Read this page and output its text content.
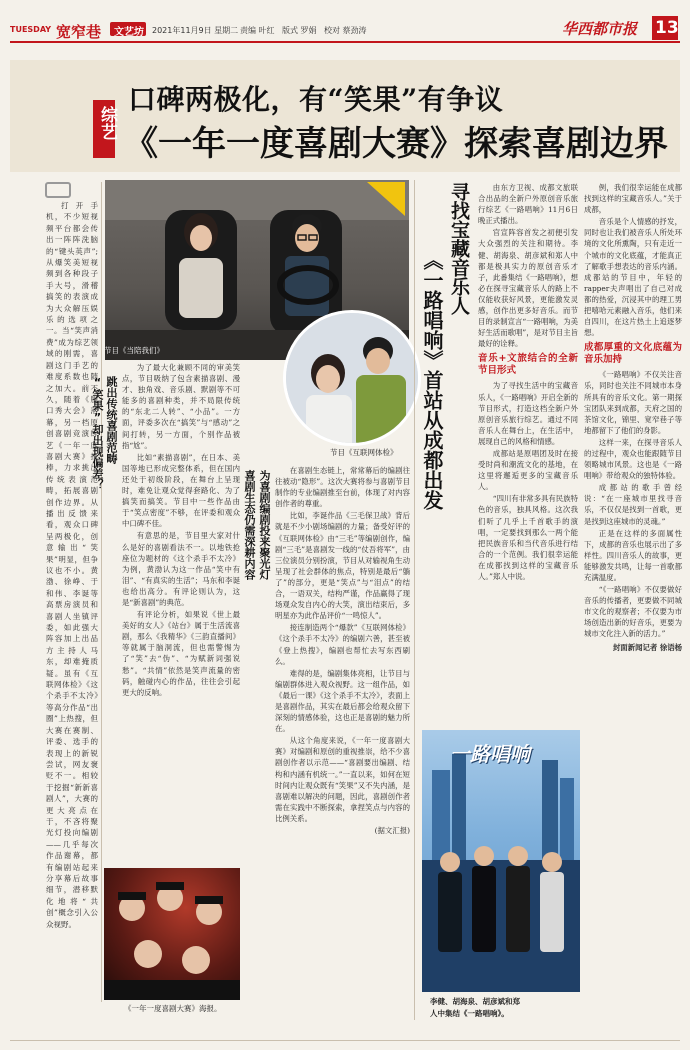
TUESDAY 宽窄巷 文艺坊 2021年11月9日 星期二 责编 叶红 版式 罗娟 校对 蔡劲涛	华西都市报 13
综艺
口碑两极化，有“笑果”有争议
《一年一度喜剧大赛》探索喜剧边界

打开手机，不少短视频平台都会传出一阵阵洗脑的“键头英声”;从爆笑美短视频到各种段子手大号，滑稽搞笑的表演成为大众解压娱乐的选项之一。当“笑声消费”成为综艺领域的刚需，喜剧这门手艺的难度系数也随之加大。前不久，随着《脱口秀大会》落幕，另一档原创喜剧竞演综艺《一年一度喜剧大赛》接棒，力求挑出传统表演范畴，拓展喜剧创作边界。从播出反馈来看，观众口碑呈两极化，创意输出“笑果”明显，但争议也不小。黄渤、徐峥、于和伟、李诞等高票房演员和喜剧人坐镇评委，如此强大阵容加上出品方主持人马东，却难掩质疑。虽有《互联网体检》《这个杀手不太冷》等高分作品“出圈”上热搜，但大赛在赛制、评委、选手的表现上的新锐尝试，网友褒贬不一。相较于挖掘“新新喜剧人”，大赛的更大亮点在于，不吝将聚光灯投向编剧——几乎每次作品谢幕，都有编剧站起来分享幕后故事细节，潜移默化地将“共创”概念引入公众视野。

节目《当陪我们》
节目《互联网体检》
跳出传统喜剧范畴
“笑果”却出现偏差？

为了最大化兼顾不同的审美笑点，节目吸纳了包含素描喜剧、漫才、独角戏、音乐剧、默剧等不可能多的喜剧种类，并不局限传统的“东北二人转”、“小品”。一方面，评委多次在“搞笑”与“感动”之间打转，另一方面，个别作品被指“尬”。

比如“素描喜剧”，在日本、美国等地已形成完整体系，但在国内还处于初级阶段，在舞台上呈现时，难免让观众觉得套路化、为了搞笑而搞笑。节目中一些作品由于“笑点密度”不够，在评委和观众中口碑不佳。

有意思的是，节目里大家对什么是好的喜剧看法不一。以地铁抢座位为题材的《这个杀手不太冷》为例，黄渤认为这一作品“笑中有泪”、“有真实的生活”；马东和李诞也给出高分。有评论则认为，这是“新喜剧”的典范。

有评论分析，如果说《世上最美好的女人》《站台》属于生活流喜剧，那么《我精华》《三韵直播间》等就属于脑洞流，但也需警惕为了“笑”去“伪”、“为赋新词强说愁”。“共情”依然是笑声流量的密码，触碰内心的作品，往往会引起更大的反响。

《一年一度喜剧大赛》海报。
为喜剧编剧投来聚光灯
喜剧生态仍需深耕内容	在喜剧生态链上，常常幕后的编剧往往被动“隐形”。这次大赛将参与喜剧节目制作的专业编剧推至台前，体现了对内容创作者的尊重。

比如，李诞作品《三毛保卫战》背后就是不少小剧场编剧的力量；备受好评的《互联网体检》由“三毛”等编剧创作，编剧“三毛”是喜剧发一线的“仗吾将军”，由三位演员分别扮演，节目从对输视角生动呈现了社会群体的焦点，特别是最后“躺了”的部分，更是“笑点”与“泪点”的结合，一语双关，结构严谨，作品赢得了现场观众发自内心的大笑，演出结束后，多明星亦为此作品评价“一鸣惊人”。

接连制造两个“爆款”《互联网体检》《这个杀手不太冷》的编剧六善，甚至被《登上热搜》，编剧也帮忙去写东西刷么。

难得的是，编剧集体亮相，让节目与编剧群体进入观众视野。这一组作品，如《最后一课》《这个杀手不太冷》，表面上是喜剧作品，其实在最后都会给观众留下深刻的情感体验，这也正是喜剧的魅力所在。

从这个角度来说，《一年一度喜剧大赛》对编剧和原创的重视推崇，给不少喜剧创作者以示范——“喜剧要出编剧、结构和内涵有机统一。”一直以来，如何在短时间内让观众既有“笑果”又不失内涵，是喜剧难以解决的问题，因此，喜剧创作者需在实践中不断探索，拿捏笑点与内容的比例关系。

(据文汇报)

寻找宝藏音乐人
《一路唱响》首站从成都出发

由东方卫视、成都文旅联合出品的全新户外原创音乐旅行综艺《一路唱响》11月6日晚正式播出。

官宣阵容首发之初便引发大众强烈的关注和期待。李健、胡海泉、胡彦斌和郑人中都是极具实力的原创音乐才子，此番集结《一路唱响》，想必在探寻宝藏音乐人的路上不仅能收获好风景，更能激发灵感，创作出更多好音乐。而节目的录制宣言“一路唱响，为美好生活而歌唱”，是对节目主旨最好的诠释。

音乐+文旅结合的全新节目形式

为了寻找生活中的宝藏音乐人，《一路唱响》开启全新的节目形式，打造这档全新户外原创音乐旅行综艺。通过不同音乐人在舞台上，在生活中，展现自己的风格和情感。

成都站是原唱团及时在接受时尚和潮流文化的基地，在这里将邂逅更多的宝藏音乐人。

“四川有非常多具有民族特色的音乐，独具风格。这次我们听了几乎上千首歌手的演唱，一定要找到那么一两个能把民族音乐和当代音乐进行结合的一个范例。我们很幸运能在成都找到这样的宝藏音乐人。”郑人中说。

例，我们很幸运能在成都找到这样的宝藏音乐人。”关于成都，

音乐是个人情感的抒发，同时也让我们被音乐人所处环境的文化所熏陶，只有走近一个城市的文化底蕴，才能真正了解歌手想表达的音乐内涵。成都站的节目中，年轻的rapper夫声唱出了自己对成都的热爱，沉浸其中的理工男把嘻哈元素融入音乐，他们来自四川，在这片热土上追逐梦想。

成都厚重的文化底蕴为音乐加持

《一路唱响》不仅关注音乐，同时也关注不同城市本身所具有的音乐文化。第一期探宝团队来到成都，天府之国的茶馆文化，锦里、宽窄巷子等地都留下了他们的身影。

这样一来，在探寻音乐人的过程中，观众也能跟随节目领略城市风景。这也是《一路唱响》带给观众的独特体验。

成都站的歌手曾经说：“在一座城市里找寻音乐，不仅仅是找到一首歌，更是找到这座城市的灵魂。”

正是在这样的多面属性下，成都的音乐也展示出了多样性。四川音乐人的故事，更能够激发共鸣，让每一首歌都充满温度。

“《一路唱响》不仅要做好音乐的传播者，更要做不同城市文化的观察者；不仅要为市场创造出新的好音乐，更要为城市文化注入新的活力。”

封面新闻记者 徐语杨
一路唱响
李健、胡海泉、胡彦斌和郑
人中集结《一路唱响》。
